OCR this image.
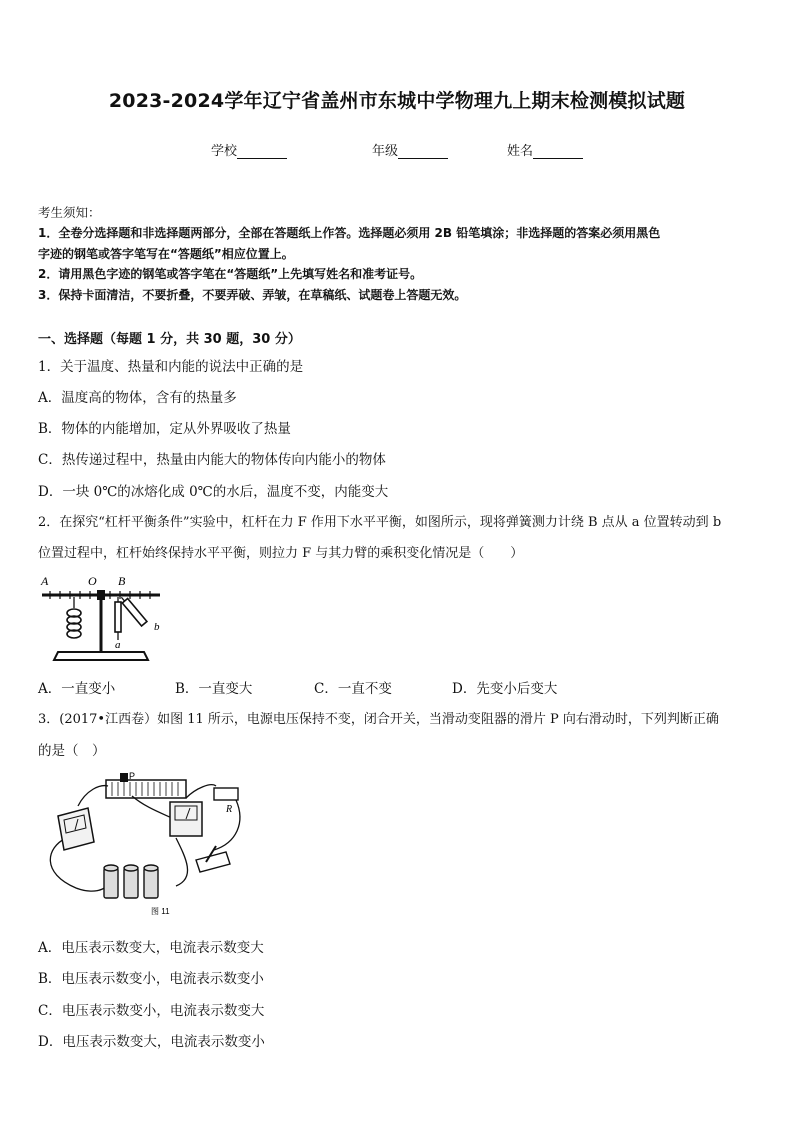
2023-2024学年辽宁省盖州市东城中学物理九上期末检测模拟试题
学校	年级	姓名
考生须知：
1．全卷分选择题和非选择题两部分，全部在答题纸上作答。选择题必须用 2B 铅笔填涂；非选择题的答案必须用黑色
字迹的钢笔或答字笔写在“答题纸”相应位置上。
2．请用黑色字迹的钢笔或答字笔在“答题纸”上先填写姓名和准考证号。
3．保持卡面清洁，不要折叠，不要弄破、弄皱，在草稿纸、试题卷上答题无效。
一、选择题（每题 1 分，共 30 题，30 分）
1．关于温度、热量和内能的说法中正确的是
A．温度高的物体，含有的热量多
B．物体的内能增加，定从外界吸收了热量
C．热传递过程中，热量由内能大的物体传向内能小的物体
D．一块 0℃的冰熔化成 0℃的水后，温度不变，内能变大
2．在探究“杠杆平衡条件”实验中，杠杆在力 F 作用下水平平衡，如图所示，现将弹簧测力计绕 B 点从 a 位置转动到 b
位置过程中，杠杆始终保持水平平衡，则拉力 F 与其力臂的乘积变化情况是（　　）
A	O B
a
b
A．一直变小	B．一直变大	C．一直不变	D．先变小后变大
3．(2017•江西卷）如图 11 所示，电源电压保持不变，闭合开关，当滑动变阻器的滑片 P 向右滑动时，下列判断正确
的是（　）
P
R
图 11
A．电压表示数变大，电流表示数变大
B．电压表示数变小，电流表示数变小
C．电压表示数变小，电流表示数变大
D．电压表示数变大，电流表示数变小
